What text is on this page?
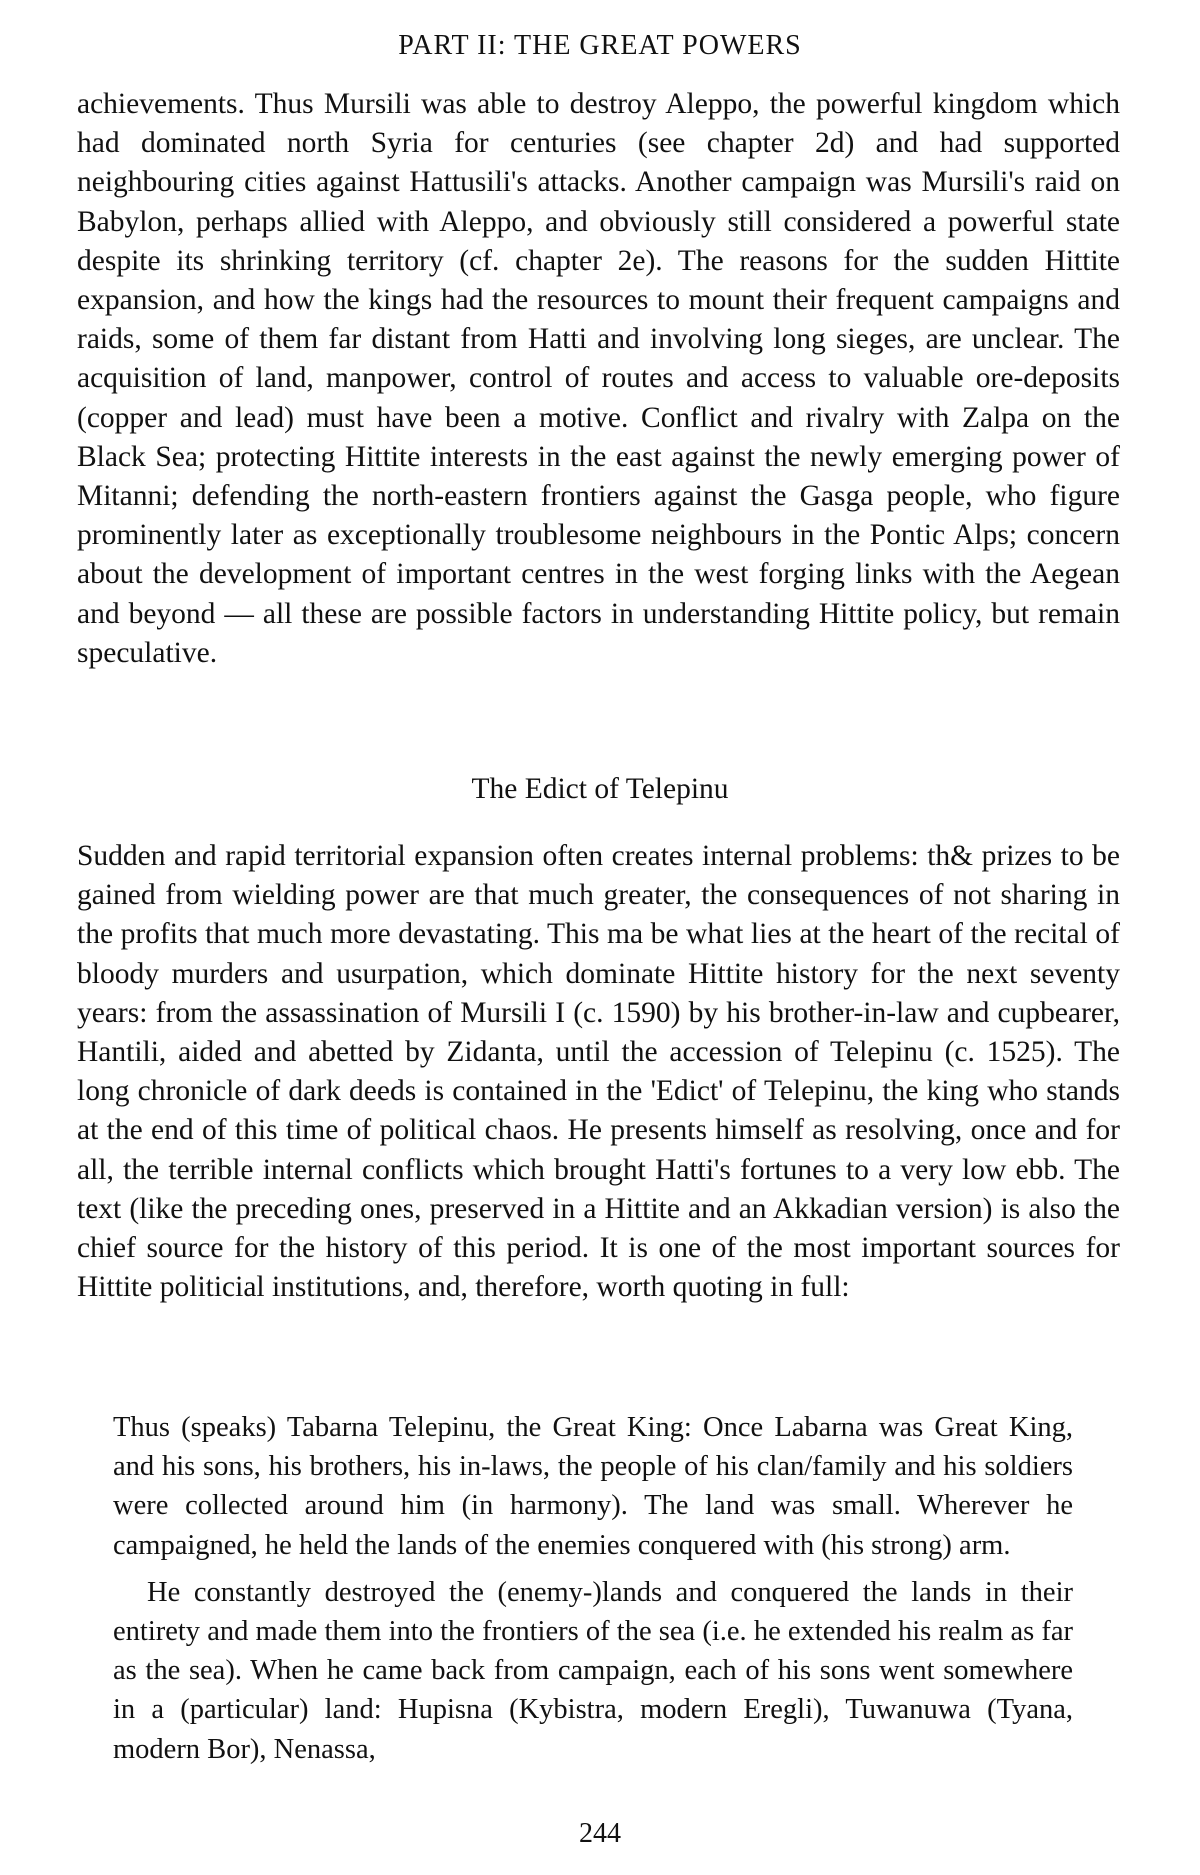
PART II: THE GREAT POWERS

achievements. Thus Mursili was able to destroy Aleppo, the powerful kingdom which had dominated north Syria for centuries (see chapter 2d) and had supported neighbouring cities against Hattusili's attacks. Another campaign was Mursili's raid on Babylon, perhaps allied with Aleppo, and obviously still considered a powerful state despite its shrinking territory (cf. chapter 2e). The reasons for the sudden Hittite expansion, and how the kings had the resources to mount their frequent campaigns and raids, some of them far distant from Hatti and involving long sieges, are unclear. The acquisition of land, manpower, control of routes and access to valuable ore-deposits (copper and lead) must have been a motive. Conflict and rivalry with Zalpa on the Black Sea; protecting Hittite interests in the east against the newly emerging power of Mitanni; defending the north-eastern frontiers against the Gasga people, who figure prominently later as exceptionally troublesome neighbours in the Pontic Alps; concern about the development of important centres in the west forging links with the Aegean and beyond — all these are possible factors in understanding Hittite policy, but remain speculative.

The Edict of Telepinu

Sudden and rapid territorial expansion often creates internal problems: th& prizes to be gained from wielding power are that much greater, the consequences of not sharing in the profits that much more devastating. This ma be what lies at the heart of the recital of bloody murders and usurpation, which dominate Hittite history for the next seventy years: from the assassination of Mursili I (c. 1590) by his brother-in-law and cupbearer, Hantili, aided and abetted by Zidanta, until the accession of Telepinu (c. 1525). The long chronicle of dark deeds is contained in the 'Edict' of Telepinu, the king who stands at the end of this time of political chaos. He presents himself as resolving, once and for all, the terrible internal conflicts which brought Hatti's fortunes to a very low ebb. The text (like the preceding ones, preserved in a Hittite and an Akkadian version) is also the chief source for the history of this period. It is one of the most important sources for Hittite politicial institutions, and, therefore, worth quoting in full:

Thus (speaks) Tabarna Telepinu, the Great King: Once Labarna was Great King, and his sons, his brothers, his in-laws, the people of his clan/family and his soldiers were collected around him (in harmony). The land was small. Wherever he campaigned, he held the lands of the enemies conquered with (his strong) arm.

He constantly destroyed the (enemy-)lands and conquered the lands in their entirety and made them into the frontiers of the sea (i.e. he extended his realm as far as the sea). When he came back from campaign, each of his sons went somewhere in a (particular) land: Hupisna (Kybistra, modern Eregli), Tuwanuwa (Tyana, modern Bor), Nenassa,

244
